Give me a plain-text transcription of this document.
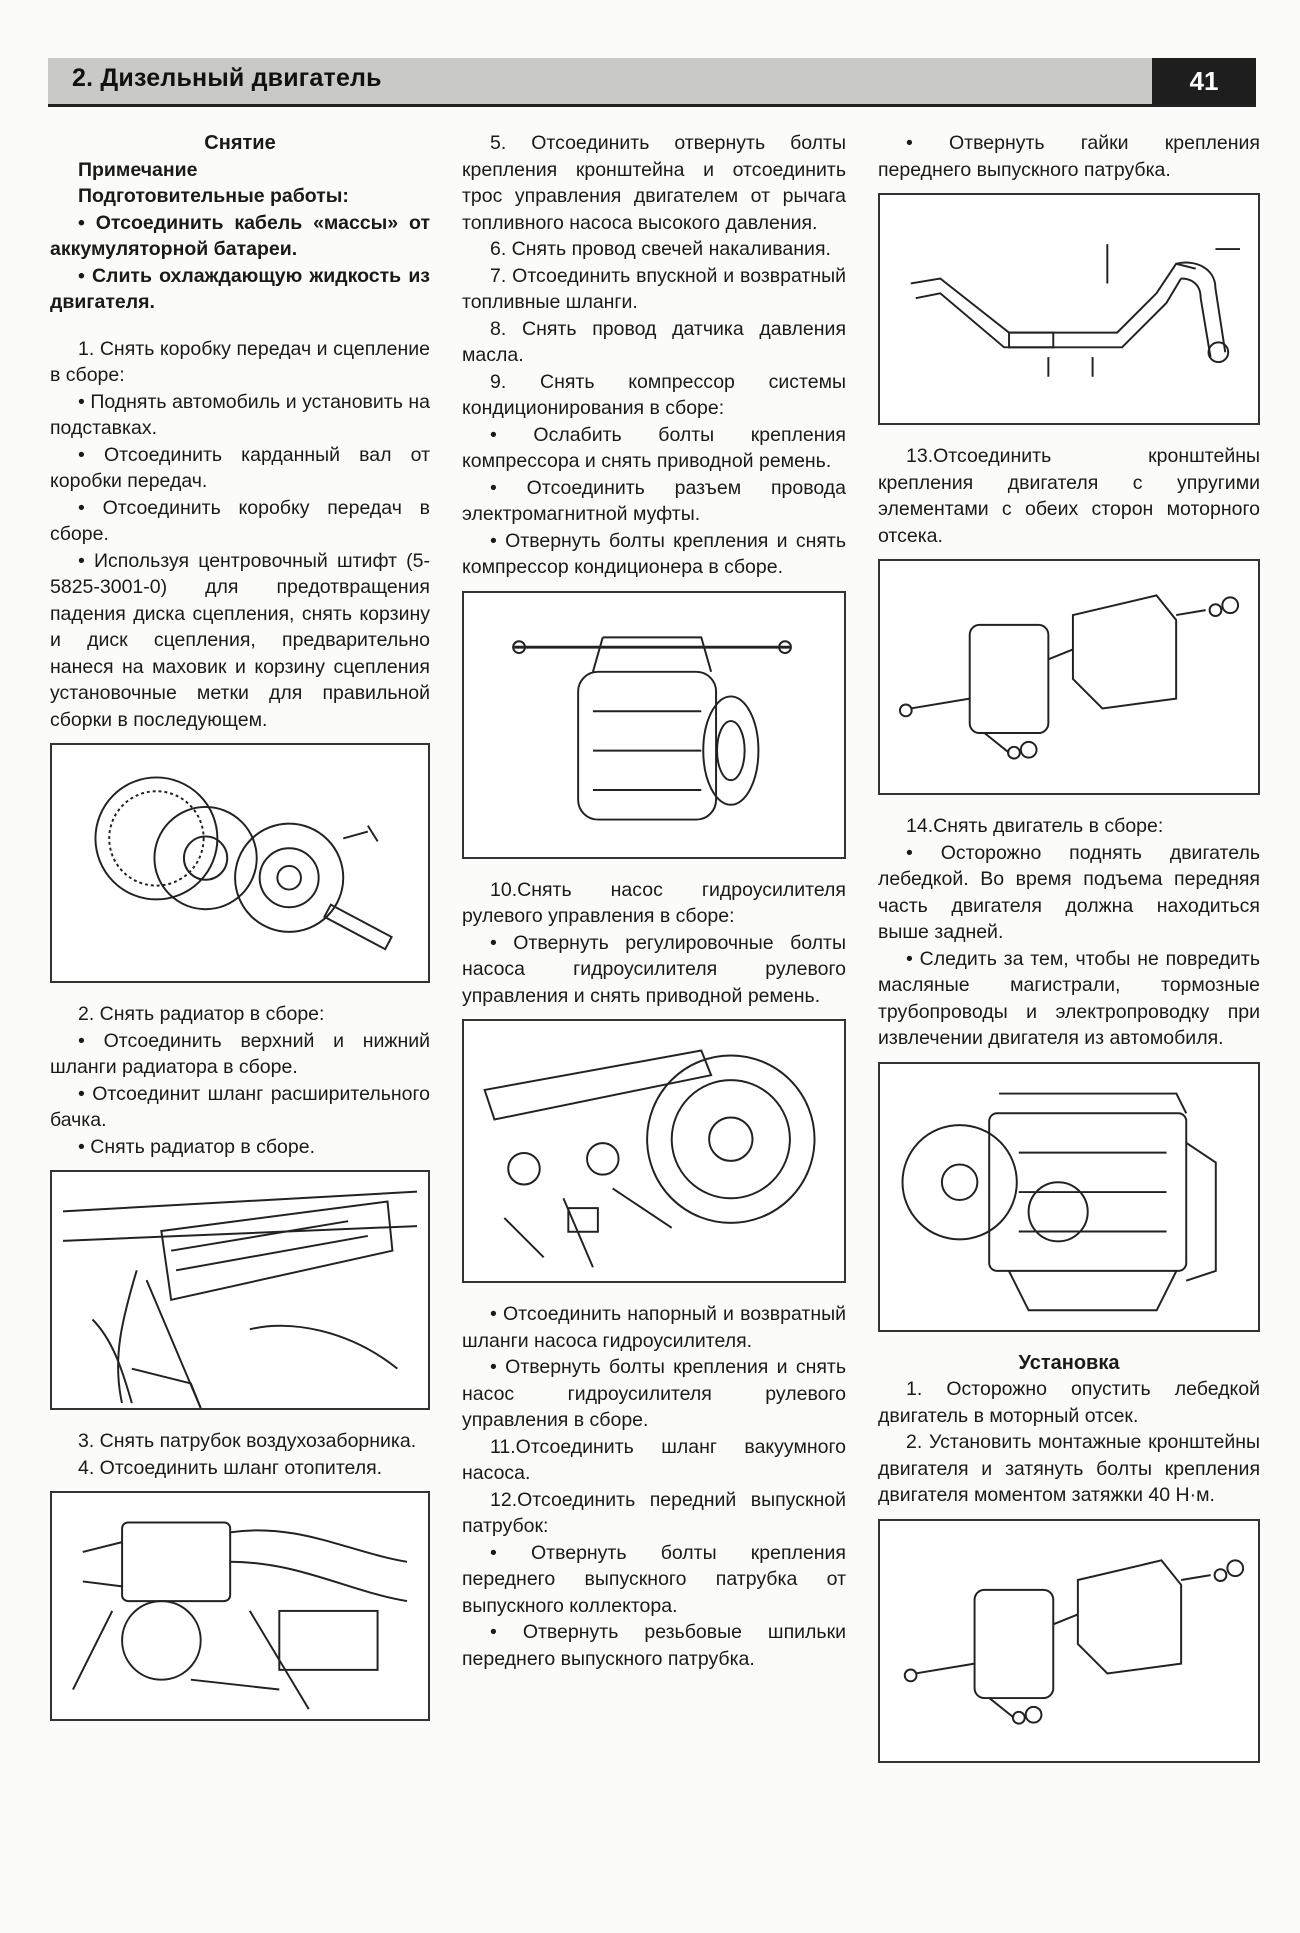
2. Дизельный двигатель	41

Снятие

Примечание

Подготовительные работы:

• Отсоединить кабель «массы» от аккумуляторной батареи.

• Слить охлаждающую жидкость из двигателя.

1. Снять коробку передач и сцепление в сборе:

• Поднять автомобиль и установить на подставках.

• Отсоединить карданный вал от коробки передач.

• Отсоединить коробку передач в сборе.

• Используя центровочный штифт (5-5825-3001-0) для предотвращения падения диска сцепления, снять корзину и диск сцепления, предварительно нанеся на маховик и корзину сцепления установочные метки для правильной сборки в последующем.

2. Снять радиатор в сборе:

• Отсоединить верхний и нижний шланги радиатора в сборе.

• Отсоединит шланг расширительного бачка.

• Снять радиатор в сборе.

3. Снять патрубок воздухозаборника.

4. Отсоединить шланг отопителя.

5. Отсоединить отвернуть болты крепления кронштейна и отсоединить трос управления двигателем от рычага топливного насоса высокого давления.

6. Снять провод свечей накаливания.

7. Отсоединить впускной и возвратный топливные шланги.

8. Снять провод датчика давления масла.

9. Снять компрессор системы кондиционирования в сборе:

• Ослабить болты крепления компрессора и снять приводной ремень.

• Отсоединить разъем провода электромагнитной муфты.

• Отвернуть болты крепления и снять компрессор кондиционера в сборе.

10.Снять насос гидроусилителя рулевого управления в сборе:

• Отвернуть регулировочные болты насоса гидроусилителя рулевого управления и снять приводной ремень.

• Отсоединить напорный и возвратный шланги насоса гидроусилителя.

• Отвернуть болты крепления и снять насос гидроусилителя рулевого управления в сборе.

11.Отсоединить шланг вакуумного насоса.

12.Отсоединить передний выпускной патрубок:

• Отвернуть болты крепления переднего выпускного патрубка от выпускного коллектора.

• Отвернуть резьбовые шпильки переднего выпускного патрубка.

• Отвернуть гайки крепления переднего выпускного патрубка.

13.Отсоединить кронштейны крепления двигателя с упругими элементами с обеих сторон моторного отсека.

14.Снять двигатель в сборе:

• Осторожно поднять двигатель лебедкой. Во время подъема передняя часть двигателя должна находиться выше задней.

• Следить за тем, чтобы не повредить масляные магистрали, тормозные трубопроводы и электропроводку при извлечении двигателя из автомобиля.

Установка

1. Осторожно опустить лебедкой двигатель в моторный отсек.

2. Установить монтажные кронштейны двигателя и затянуть болты крепления двигателя моментом затяжки 40 Н·м.
